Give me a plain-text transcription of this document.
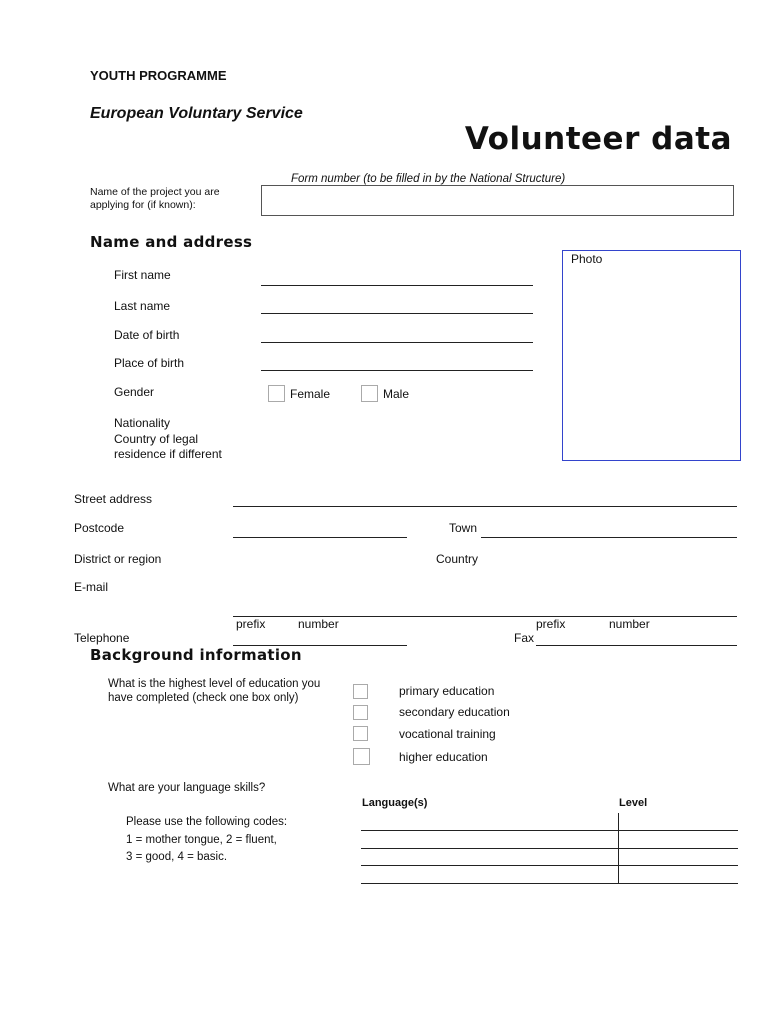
YOUTH PROGRAMME
European Voluntary Service
Volunteer data
Form number (to be filled in by the National Structure)
Name of the project you are
applying for (if known):
Name and address
Photo
First name
Last name
Date of birth
Place of birth
Gender	Female	Male
Nationality
Country of legal
residence if different
Street address
Postcode	Town
District or region	Country
E-mail
prefix	number	prefix	number
Telephone	Fax
Background information
What is the highest level of education you
have completed (check one box only)	primary education
secondary education
vocational training
higher education
What are your language skills?
Please use the following codes:
1 = mother tongue, 2 = fluent,
3 = good, 4 = basic.
Language(s)	Level
